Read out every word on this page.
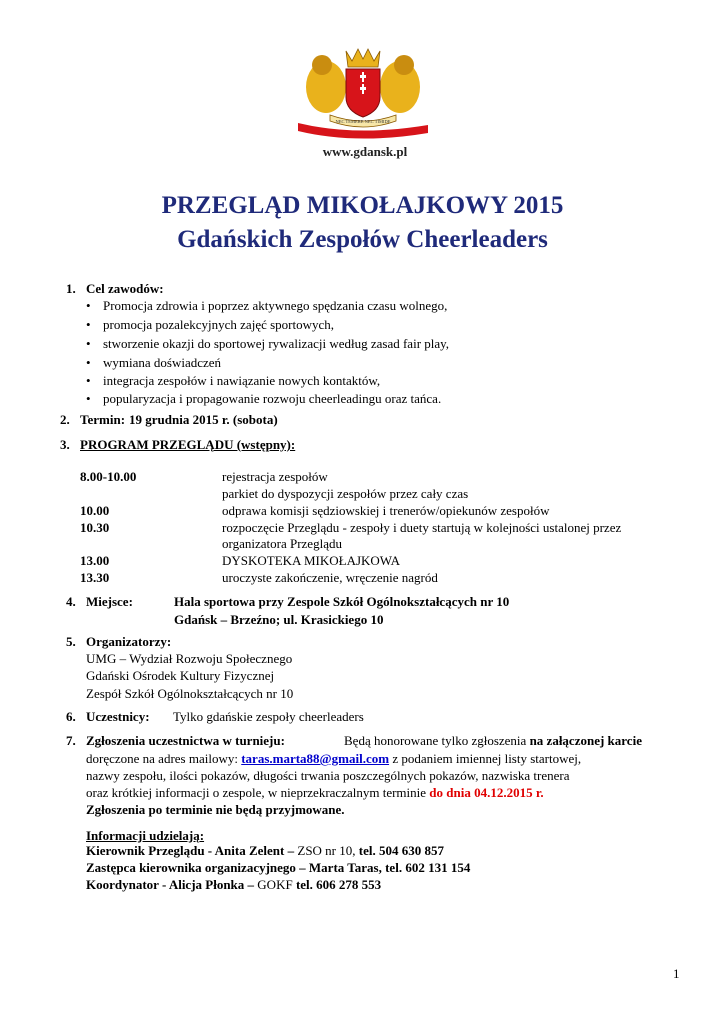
NEC TEMERE NEC TIMIDE
www.gdansk.pl
PRZEGLĄD MIKOŁAJKOWY 2015
Gdańskich Zespołów Cheerleaders
1. Cel zawodów:
• Promocja zdrowia i poprzez aktywnego spędzania czasu wolnego,
• promocja pozalekcyjnych zajęć sportowych,
• stworzenie okazji do sportowej rywalizacji według zasad fair play,
• wymiana doświadczeń
• integracja zespołów i nawiązanie nowych kontaktów,
• popularyzacja i propagowanie rozwoju cheerleadingu oraz tańca.
2. Termin: 19 grudnia 2015 r. (sobota)
3. PROGRAM PRZEGLĄDU (wstępny):
8.00-10.00	rejestracja zespołów
parkiet do dyspozycji zespołów przez cały czas
10.00	odprawa komisji sędziowskiej i trenerów/opiekunów zespołów
10.30	rozpoczęcie Przeglądu - zespoły i duety startują w kolejności ustalonej przez
organizatora Przeglądu
13.00	DYSKOTEKA MIKOŁAJKOWA
13.30	uroczyste zakończenie, wręczenie nagród
4. Miejsce:	Hala sportowa przy Zespole Szkół Ogólnokształcących nr 10
Gdańsk – Brzeźno; ul. Krasickiego 10
5. Organizatorzy:
UMG – Wydział Rozwoju Społecznego
Gdański Ośrodek Kultury Fizycznej
Zespół Szkół Ogólnokształcących nr 10
6. Uczestnicy: Tylko gdańskie zespoły cheerleaders
7. Zgłoszenia uczestnictwa w turnieju:	Będą honorowane tylko zgłoszenia na załączonej karcie
doręczone na adres mailowy: taras.marta88@gmail.com z podaniem imiennej listy startowej,
nazwy zespołu, ilości pokazów, długości trwania poszczególnych pokazów, nazwiska trenera
oraz krótkiej informacji o zespole, w nieprzekraczalnym terminie do dnia 04.12.2015 r.
Zgłoszenia po terminie nie będą przyjmowane.
Informacji udzielają:
Kierownik Przeglądu - Anita Zelent – ZSO nr 10, tel. 504 630 857
Zastępca kierownika organizacyjnego – Marta Taras, tel. 602 131 154
Koordynator - Alicja Płonka – GOKF tel. 606 278 553
1
